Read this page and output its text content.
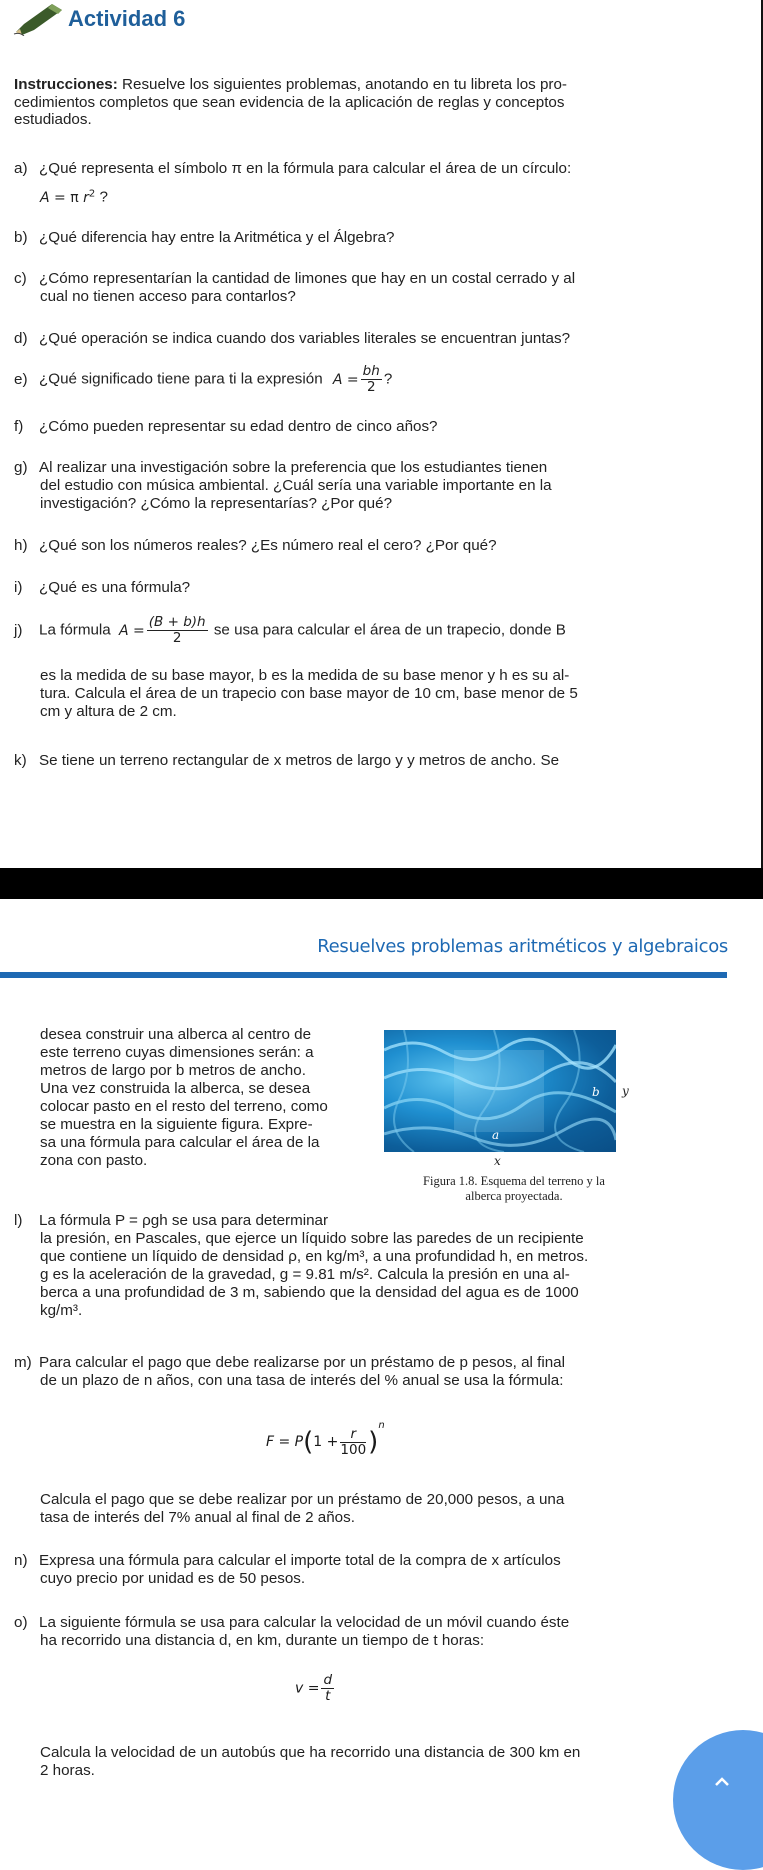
Actividad 6
Instrucciones: Resuelve los siguientes problemas, anotando en tu libreta los pro-cedimientos completos que sean evidencia de la aplicación de reglas y conceptos estudiados.
a) ¿Qué representa el símbolo π en la fórmula para calcular el área de un círculo:
A = π $r^2$ ?
b) ¿Qué diferencia hay entre la Aritmética y el Álgebra?
c) ¿Cómo representarían la cantidad de limones que hay en un costal cerrado y al
cual no tienen acceso para contarlos?
d) ¿Qué operación se indica cuando dos variables literales se encuentran juntas?
e) ¿Qué significado tiene para ti la expresión $A = \frac{bh}{2}$ ?
f) ¿Cómo pueden representar su edad dentro de cinco años?
g) Al realizar una investigación sobre la preferencia que los estudiantes tienen
del estudio con música ambiental. ¿Cuál sería una variable importante en la
investigación? ¿Cómo la representarías? ¿Por qué?
h) ¿Qué son los números reales? ¿Es número real el cero? ¿Por qué?
i) ¿Qué es una fórmula?
j) La fórmula $A = \frac{(B + b)h}{2}$ se usa para calcular el área de un trapecio, donde B
es la medida de su base mayor, b es la medida de su base menor y h es su al-
tura. Calcula el área de un trapecio con base mayor de 10 cm, base menor de 5
cm y altura de 2 cm.
k) Se tiene un terreno rectangular de x metros de largo y y metros de ancho. Se
Resuelves problemas aritméticos y algebraicos
desea construir una alberca al centro de
este terreno cuyas dimensiones serán: a
metros de largo por b metros de ancho.
Una vez construida la alberca, se desea
colocar pasto en el resto del terreno, como
se muestra en la siguiente figura. Expre-
sa una fórmula para calcular el área de la
zona con pasto.
b
a
y
x
Figura 1.8. Esquema del terreno y la
alberca proyectada.
l) La fórmula P = ρgh se usa para determinar
la presión, en Pascales, que ejerce un líquido sobre las paredes de un recipiente
que contiene un líquido de densidad ρ, en kg/m³, a una profundidad h, en metros.
g es la aceleración de la gravedad, g = 9.81 m/s². Calcula la presión en una al-
berca a una profundidad de 3 m, sabiendo que la densidad del agua es de 1000
kg/m³.
m) Para calcular el pago que debe realizarse por un préstamo de p pesos, al final
de un plazo de n años, con una tasa de interés del % anual se usa la fórmula:
$F = P(1 + \frac{r}{100} )^n$
Calcula el pago que se debe realizar por un préstamo de 20,000 pesos, a una
tasa de interés del 7% anual al final de 2 años.
n) Expresa una fórmula para calcular el importe total de la compra de x artículos
cuyo precio por unidad es de 50 pesos.
o) La siguiente fórmula se usa para calcular la velocidad de un móvil cuando éste
ha recorrido una distancia d, en km, durante un tiempo de t horas:
$v = \frac{d}{t}$
Calcula la velocidad de un autobús que ha recorrido una distancia de 300 km en
2 horas.
